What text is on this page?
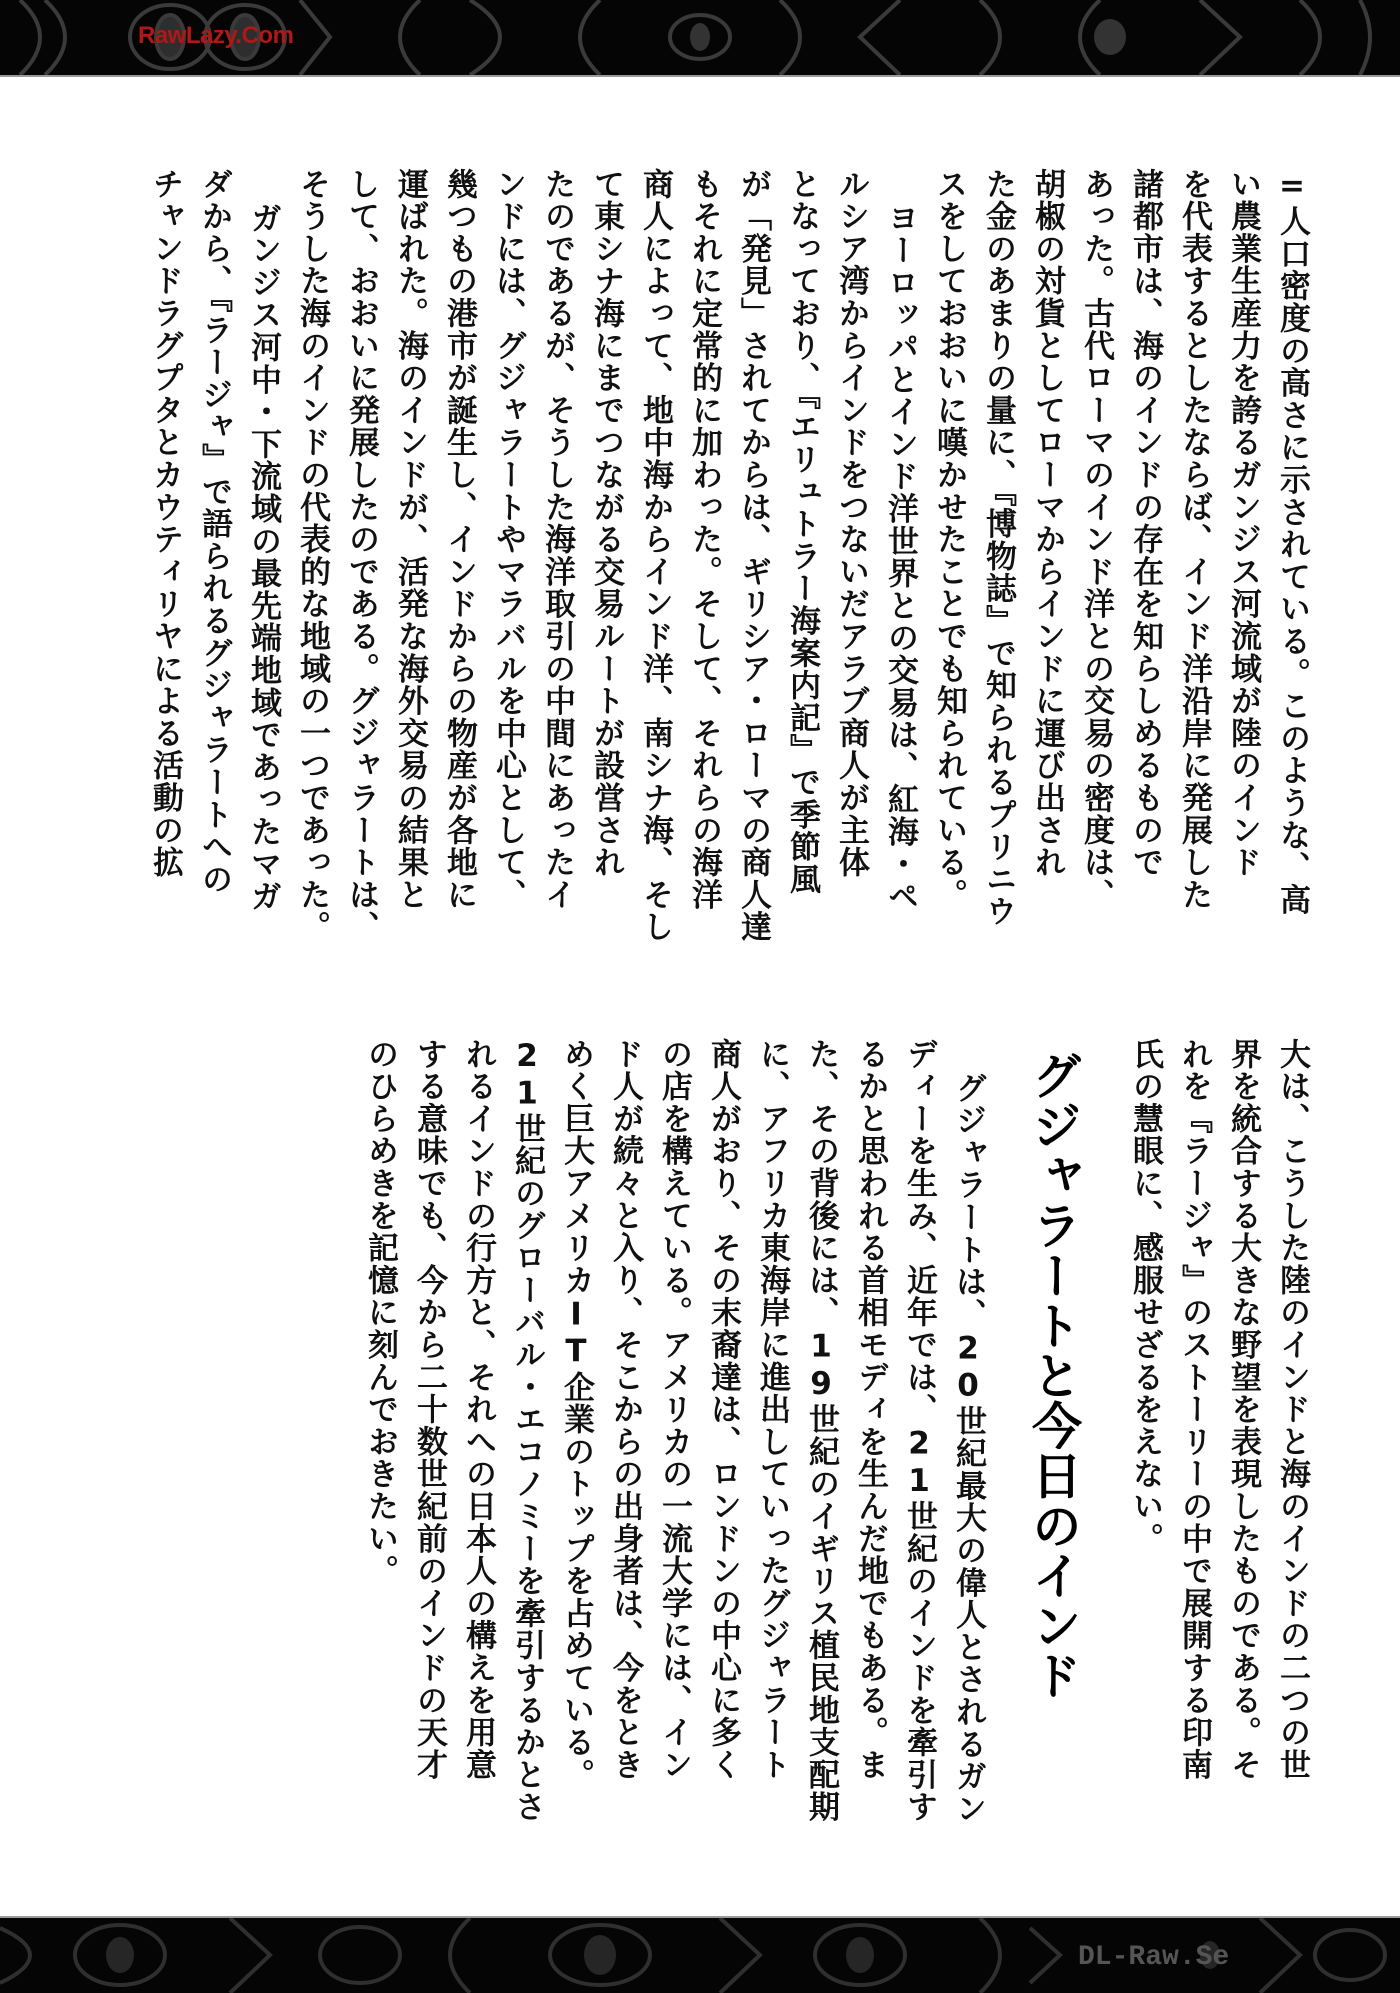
RawLazy.Com
=人口密度の高さに示されている。このような、高
い農業生産力を誇るガンジス河流域が陸のインド
を代表するとしたならば、インド洋沿岸に発展した
諸都市は、海のインドの存在を知らしめるもので
あった。古代ローマのインド洋との交易の密度は、
胡椒の対貨としてローマからインドに運び出され
た金のあまりの量に、『博物誌』で知られるプリニウ
スをしておおいに嘆かせたことでも知られている。
ヨーロッパとインド洋世界との交易は、紅海・ペ
ルシア湾からインドをつないだアラブ商人が主体
となっており、『エリュトラー海案内記』で季節風
が「発見」されてからは、ギリシア・ローマの商人達
もそれに定常的に加わった。そして、それらの海洋
商人によって、地中海からインド洋、南シナ海、そし
て東シナ海にまでつながる交易ルートが設営され
たのであるが、そうした海洋取引の中間にあったイ
ンドには、グジャラートやマラバルを中心として、
幾つもの港市が誕生し、インドからの物産が各地に
運ばれた。海のインドが、活発な海外交易の結果と
して、おおいに発展したのである。グジャラートは、
そうした海のインドの代表的な地域の一つであった。
ガンジス河中・下流域の最先端地域であったマガ
ダから、『ラージャ』で語られるグジャラートへの
チャンドラグプタとカウティリヤによる活動の拡
大は、こうした陸のインドと海のインドの二つの世
界を統合する大きな野望を表現したものである。そ
れを『ラージャ』のストーリーの中で展開する印南
氏の慧眼に、感服せざるをえない。
グジャラートと今日のインド
グジャラートは、20世紀最大の偉人とされるガン
ディーを生み、近年では、21世紀のインドを牽引す
るかと思われる首相モディを生んだ地でもある。ま
た、その背後には、19世紀のイギリス植民地支配期
に、アフリカ東海岸に進出していったグジャラート
商人がおり、その末裔達は、ロンドンの中心に多く
の店を構えている。アメリカの一流大学には、イン
ド人が続々と入り、そこからの出身者は、今をとき
めく巨大アメリカIT企業のトップを占めている。
21世紀のグローバル・エコノミーを牽引するかとさ
れるインドの行方と、それへの日本人の構えを用意
する意味でも、今から二十数世紀前のインドの天才
のひらめきを記憶に刻んでおきたい。
DL-Raw.Se
